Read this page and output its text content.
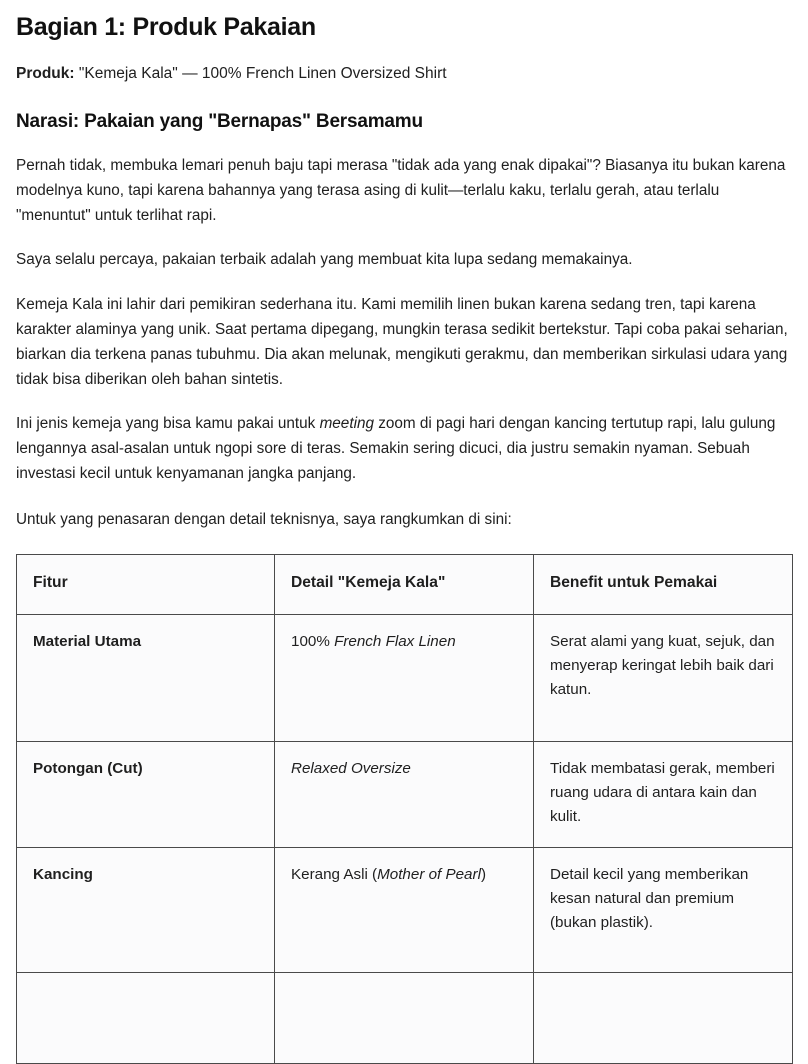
Bagian 1: Produk Pakaian

Produk: "Kemeja Kala" — 100% French Linen Oversized Shirt

Narasi: Pakaian yang "Bernapas" Bersamamu

Pernah tidak, membuka lemari penuh baju tapi merasa "tidak ada yang enak dipakai"? Biasanya itu bukan karena modelnya kuno, tapi karena bahannya yang terasa asing di kulit—terlalu kaku, terlalu gerah, atau terlalu "menuntut" untuk terlihat rapi.

Saya selalu percaya, pakaian terbaik adalah yang membuat kita lupa sedang memakainya.

Kemeja Kala ini lahir dari pemikiran sederhana itu. Kami memilih linen bukan karena sedang tren, tapi karena karakter alaminya yang unik. Saat pertama dipegang, mungkin terasa sedikit bertekstur. Tapi coba pakai seharian, biarkan dia terkena panas tubuhmu. Dia akan melunak, mengikuti gerakmu, dan memberikan sirkulasi udara yang tidak bisa diberikan oleh bahan sintetis.

Ini jenis kemeja yang bisa kamu pakai untuk meeting zoom di pagi hari dengan kancing tertutup rapi, lalu gulung lengannya asal-asalan untuk ngopi sore di teras. Semakin sering dicuci, dia justru semakin nyaman. Sebuah investasi kecil untuk kenyamanan jangka panjang.

Untuk yang penasaran dengan detail teknisnya, saya rangkumkan di sini:

Fitur	Detail "Kemeja Kala"	Benefit untuk Pemakai
Material Utama	100% French Flax Linen	Serat alami yang kuat, sejuk, dan menyerap keringat lebih baik dari katun.
Potongan (Cut)	Relaxed Oversize	Tidak membatasi gerak, memberi ruang udara di antara kain dan kulit.
Kancing	Kerang Asli (Mother of Pearl)	Detail kecil yang memberikan kesan natural dan premium (bukan plastik).
